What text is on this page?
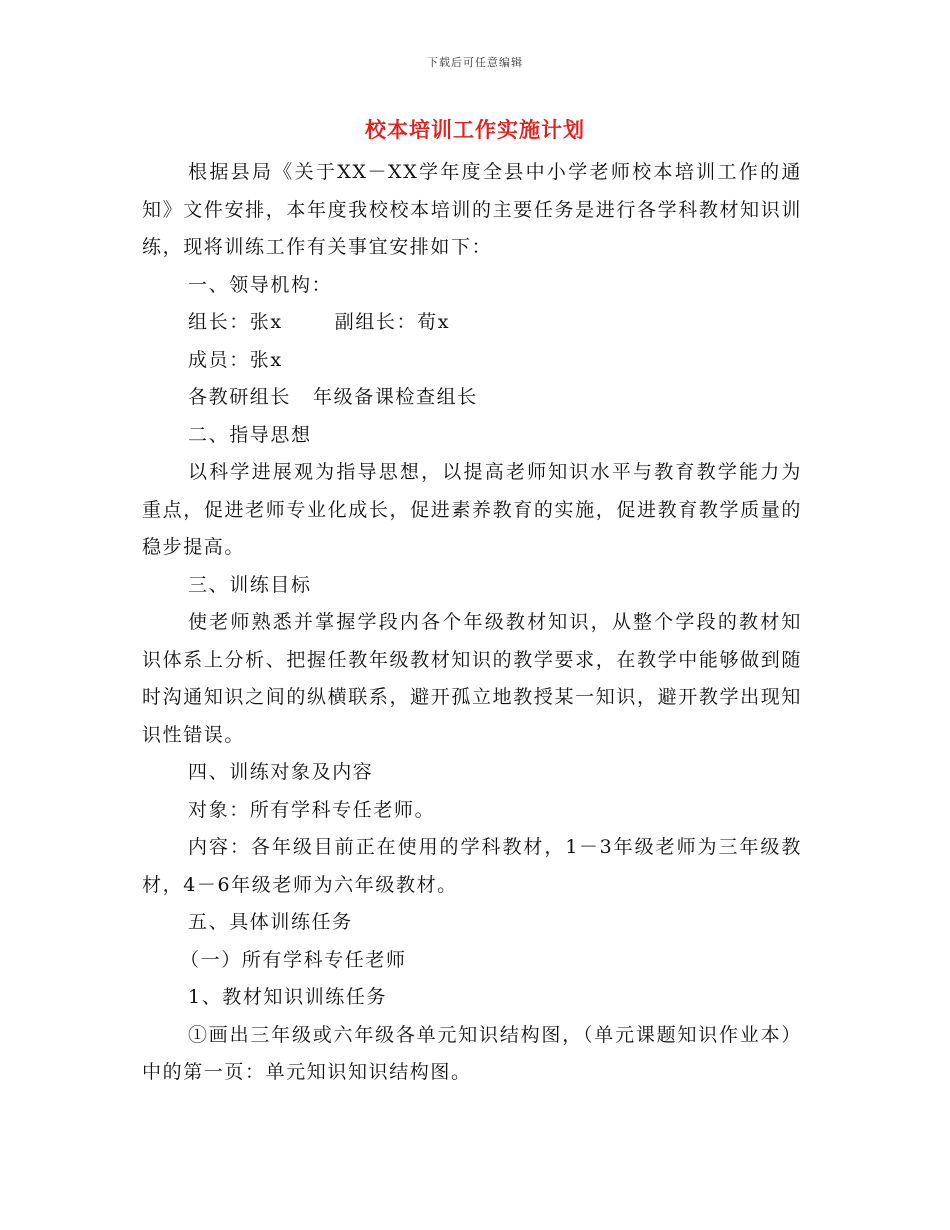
下载后可任意编辑
校本培训工作实施计划

根据县局《关于XX－XX学年度全县中小学老师校本培训工作的通知》文件安排，本年度我校校本培训的主要任务是进行各学科教材知识训练，现将训练工作有关事宜安排如下：

一、领导机构：

组长：张x	副组长：荀x

成员：张x

各教研组长 年级备课检查组长

二、指导思想

以科学进展观为指导思想，以提高老师知识水平与教育教学能力为重点，促进老师专业化成长，促进素养教育的实施，促进教育教学质量的稳步提高。

三、训练目标

使老师熟悉并掌握学段内各个年级教材知识，从整个学段的教材知识体系上分析、把握任教年级教材知识的教学要求，在教学中能够做到随时沟通知识之间的纵横联系，避开孤立地教授某一知识，避开教学出现知识性错误。

四、训练对象及内容

对象：所有学科专任老师。

内容：各年级目前正在使用的学科教材，1－3年级老师为三年级教材，4－6年级老师为六年级教材。

五、具体训练任务

（一）所有学科专任老师

1、教材知识训练任务

①画出三年级或六年级各单元知识结构图，（单元课题知识作业本）中的第一页：单元知识知识结构图。
